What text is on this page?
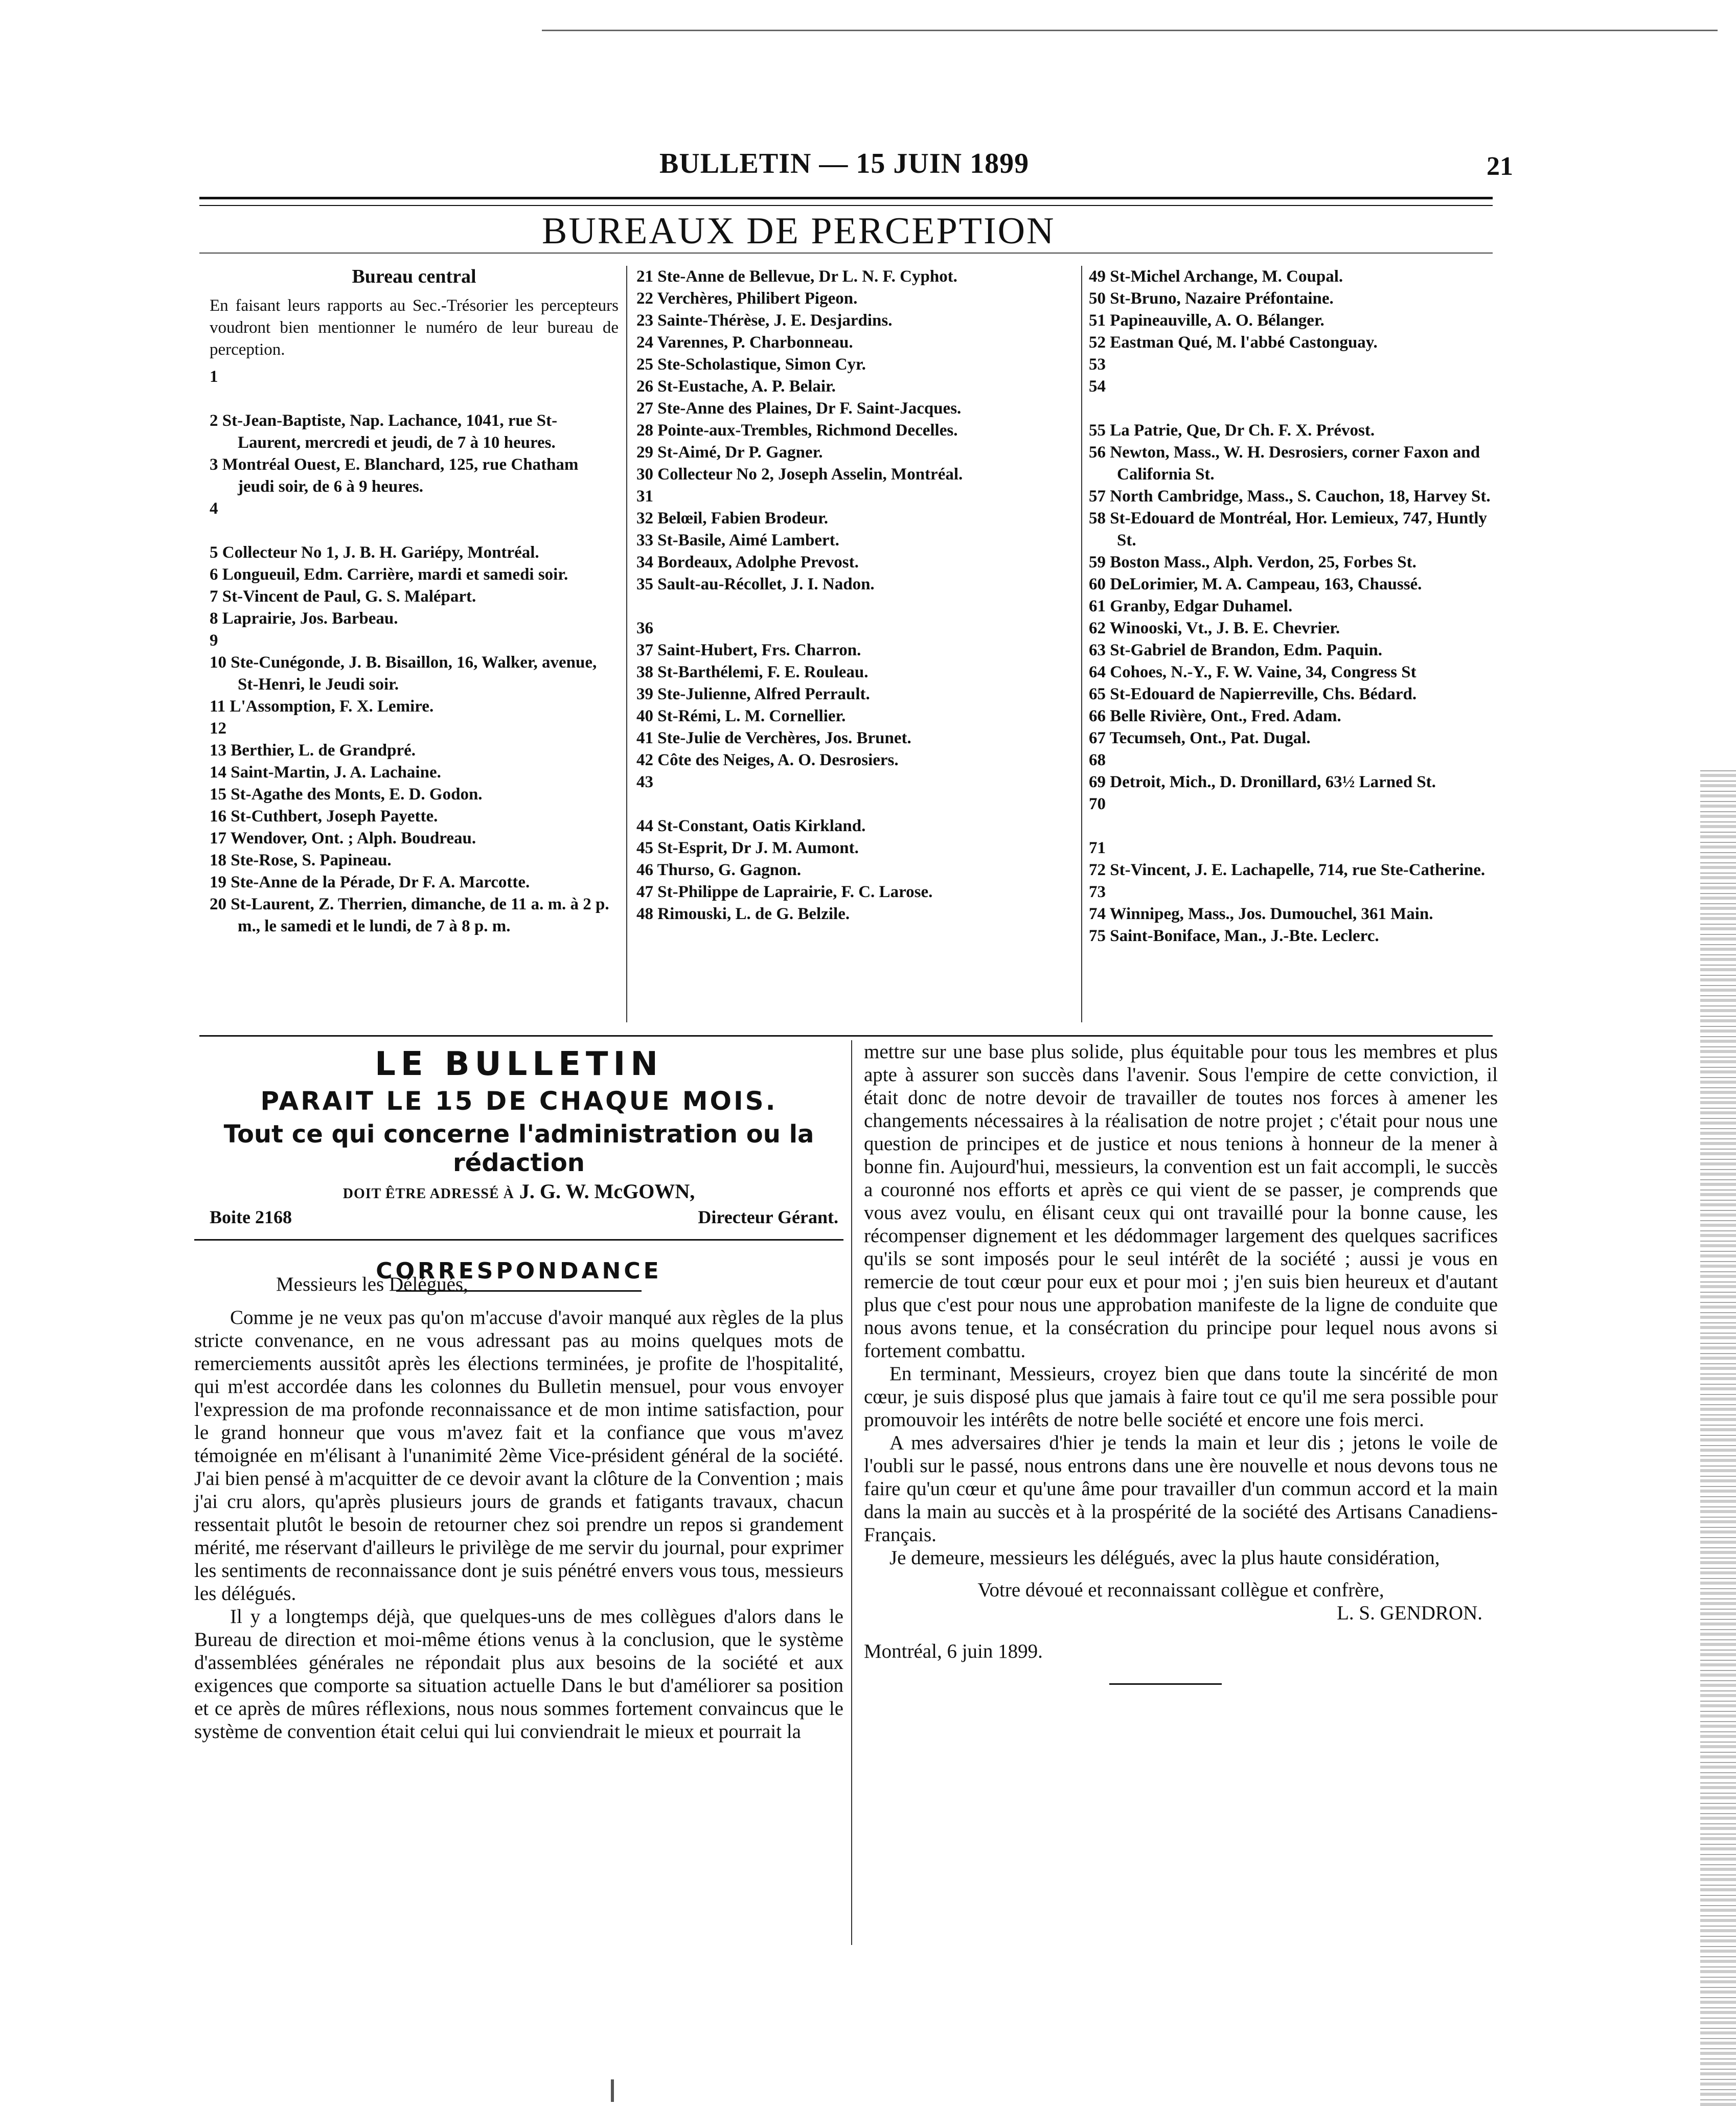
BULLETIN — 15 JUIN 1899	21
BUREAUX DE PERCEPTION
Bureau central
En faisant leurs rapports au Sec.-Trésorier les percepteurs voudront bien mentionner le numéro de leur bureau de perception.
1
2 St-Jean-Baptiste, Nap. Lachance, 1041, rue St-Laurent, mercredi et jeudi, de 7 à 10 heures.
3 Montréal Ouest, E. Blanchard, 125, rue Chatham jeudi soir, de 6 à 9 heures.
4
5 Collecteur No 1, J. B. H. Gariépy, Montréal.
6 Longueuil, Edm. Carrière, mardi et samedi soir.
7 St-Vincent de Paul, G. S. Malépart.
8 Laprairie, Jos. Barbeau.
9
10 Ste-Cunégonde, J. B. Bisaillon, 16, Walker, avenue, St-Henri, le Jeudi soir.
11 L'Assomption, F. X. Lemire.
12
13 Berthier, L. de Grandpré.
14 Saint-Martin, J. A. Lachaine.
15 St-Agathe des Monts, E. D. Godon.
16 St-Cuthbert, Joseph Payette.
17 Wendover, Ont. ; Alph. Boudreau.
18 Ste-Rose, S. Papineau.
19 Ste-Anne de la Pérade, Dr F. A. Marcotte.
20 St-Laurent, Z. Therrien, dimanche, de 11 a. m. à 2 p. m., le samedi et le lundi, de 7 à 8 p. m.
21 Ste-Anne de Bellevue, Dr L. N. F. Cyphot.
22 Verchères, Philibert Pigeon.
23 Sainte-Thérèse, J. E. Desjardins.
24 Varennes, P. Charbonneau.
25 Ste-Scholastique, Simon Cyr.
26 St-Eustache, A. P. Belair.
27 Ste-Anne des Plaines, Dr F. Saint-Jacques.
28 Pointe-aux-Trembles, Richmond Decelles.
29 St-Aimé, Dr P. Gagner.
30 Collecteur No 2, Joseph Asselin, Montréal.
31
32 Belœil, Fabien Brodeur.
33 St-Basile, Aimé Lambert.
34 Bordeaux, Adolphe Prevost.
35 Sault-au-Récollet, J. I. Nadon.
36
37 Saint-Hubert, Frs. Charron.
38 St-Barthélemi, F. E. Rouleau.
39 Ste-Julienne, Alfred Perrault.
40 St-Rémi, L. M. Cornellier.
41 Ste-Julie de Verchères, Jos. Brunet.
42 Côte des Neiges, A. O. Desrosiers.
43
44 St-Constant, Oatis Kirkland.
45 St-Esprit, Dr J. M. Aumont.
46 Thurso, G. Gagnon.
47 St-Philippe de Laprairie, F. C. Larose.
48 Rimouski, L. de G. Belzile.
49 St-Michel Archange, M. Coupal.
50 St-Bruno, Nazaire Préfontaine.
51 Papineauville, A. O. Bélanger.
52 Eastman Qué, M. l'abbé Castonguay.
53
54
55 La Patrie, Que, Dr Ch. F. X. Prévost.
56 Newton, Mass., W. H. Desrosiers, corner Faxon and California St.
57 North Cambridge, Mass., S. Cauchon, 18, Harvey St.
58 St-Edouard de Montréal, Hor. Lemieux, 747, Huntly St.
59 Boston Mass., Alph. Verdon, 25, Forbes St.
60 DeLorimier, M. A. Campeau, 163, Chaussé.
61 Granby, Edgar Duhamel.
62 Winooski, Vt., J. B. E. Chevrier.
63 St-Gabriel de Brandon, Edm. Paquin.
64 Cohoes, N.-Y., F. W. Vaine, 34, Congress St
65 St-Edouard de Napierreville, Chs. Bédard.
66 Belle Rivière, Ont., Fred. Adam.
67 Tecumseh, Ont., Pat. Dugal.
68
69 Detroit, Mich., D. Dronillard, 63½ Larned St.
70
71
72 St-Vincent, J. E. Lachapelle, 714, rue Ste-Catherine.
73
74 Winnipeg, Mass., Jos. Dumouchel, 361 Main.
75 Saint-Boniface, Man., J.-Bte. Leclerc.
LE BULLETIN
PARAIT LE 15 DE CHAQUE MOIS.
Tout ce qui concerne l'administration ou la rédaction
DOIT ÊTRE ADRESSÉ À J. G. W. McGOWN,
Boite 2168	Directeur Gérant.
CORRESPONDANCE

Messieurs les Délégués,

Comme je ne veux pas qu'on m'accuse d'avoir manqué aux règles de la plus stricte convenance, en ne vous adressant pas au moins quelques mots de remerciements aussitôt après les élections terminées, je profite de l'hospitalité, qui m'est accordée dans les colonnes du Bulletin mensuel, pour vous envoyer l'expression de ma profonde reconnaissance et de mon intime satisfaction, pour le grand honneur que vous m'avez fait et la confiance que vous m'avez témoignée en m'élisant à l'unanimité 2ème Vice-président général de la société. J'ai bien pensé à m'acquitter de ce devoir avant la clôture de la Convention ; mais j'ai cru alors, qu'après plusieurs jours de grands et fatigants travaux, chacun ressentait plutôt le besoin de retourner chez soi prendre un repos si grandement mérité, me réservant d'ailleurs le privilège de me servir du journal, pour exprimer les sentiments de reconnaissance dont je suis pénétré envers vous tous, messieurs les délégués.

Il y a longtemps déjà, que quelques-uns de mes collègues d'alors dans le Bureau de direction et moi-même étions venus à la conclusion, que le système d'assemblées générales ne répondait plus aux besoins de la société et aux exigences que comporte sa situation actuelle Dans le but d'améliorer sa position et ce après de mûres réflexions, nous nous sommes fortement convaincus que le système de convention était celui qui lui conviendrait le mieux et pourrait la

mettre sur une base plus solide, plus équitable pour tous les membres et plus apte à assurer son succès dans l'avenir. Sous l'empire de cette conviction, il était donc de notre devoir de travailler de toutes nos forces à amener les changements nécessaires à la réalisation de notre projet ; c'était pour nous une question de principes et de justice et nous tenions à honneur de la mener à bonne fin. Aujourd'hui, messieurs, la convention est un fait accompli, le succès a couronné nos efforts et après ce qui vient de se passer, je comprends que vous avez voulu, en élisant ceux qui ont travaillé pour la bonne cause, les récompenser dignement et les dédommager largement des quelques sacrifices qu'ils se sont imposés pour le seul intérêt de la société ; aussi je vous en remercie de tout cœur pour eux et pour moi ; j'en suis bien heureux et d'autant plus que c'est pour nous une approbation manifeste de la ligne de conduite que nous avons tenue, et la consécration du principe pour lequel nous avons si fortement combattu.

En terminant, Messieurs, croyez bien que dans toute la sincérité de mon cœur, je suis disposé plus que jamais à faire tout ce qu'il me sera possible pour promouvoir les intérêts de notre belle société et encore une fois merci.

A mes adversaires d'hier je tends la main et leur dis ; jetons le voile de l'oubli sur le passé, nous entrons dans une ère nouvelle et nous devons tous ne faire qu'un cœur et qu'une âme pour travailler d'un commun accord et la main dans la main au succès et à la prospérité de la société des Artisans Canadiens-Français.

Je demeure, messieurs les délégués, avec la plus haute considération,

Votre dévoué et reconnaissant collègue et confrère,

L. S. GENDRON.

Montréal, 6 juin 1899.
